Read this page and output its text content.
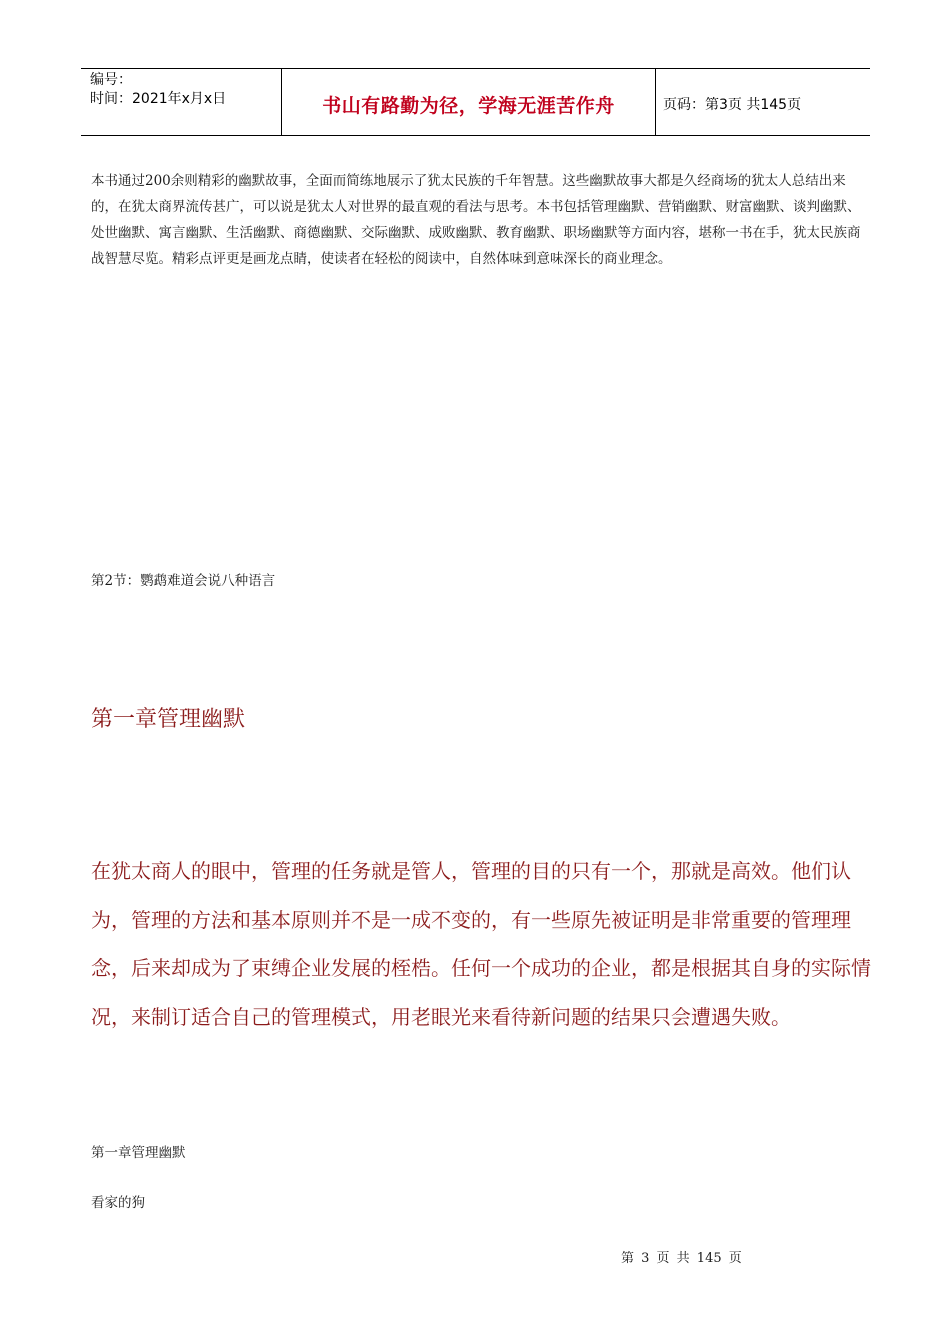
编号：
时间：2021年x月x日	书山有路勤为径，学海无涯苦作舟	页码：第3页 共145页

本书通过200余则精彩的幽默故事，全面而简练地展示了犹太民族的千年智慧。这些幽默故事大都是久经商场的犹太人总结出来的，在犹太商界流传甚广，可以说是犹太人对世界的最直观的看法与思考。本书包括管理幽默、营销幽默、财富幽默、谈判幽默、处世幽默、寓言幽默、生活幽默、商德幽默、交际幽默、成败幽默、教育幽默、职场幽默等方面内容，堪称一书在手，犹太民族商战智慧尽览。精彩点评更是画龙点睛，使读者在轻松的阅读中，自然体味到意味深长的商业理念。

第2节：鹦鹉难道会说八种语言

第一章管理幽默

在犹太商人的眼中，管理的任务就是管人，管理的目的只有一个，那就是高效。他们认为，管理的方法和基本原则并不是一成不变的，有一些原先被证明是非常重要的管理理念，后来却成为了束缚企业发展的桎梏。任何一个成功的企业，都是根据其自身的实际情况，来制订适合自己的管理模式，用老眼光来看待新问题的结果只会遭遇失败。

第一章管理幽默

看家的狗

第 3 页 共 145 页
